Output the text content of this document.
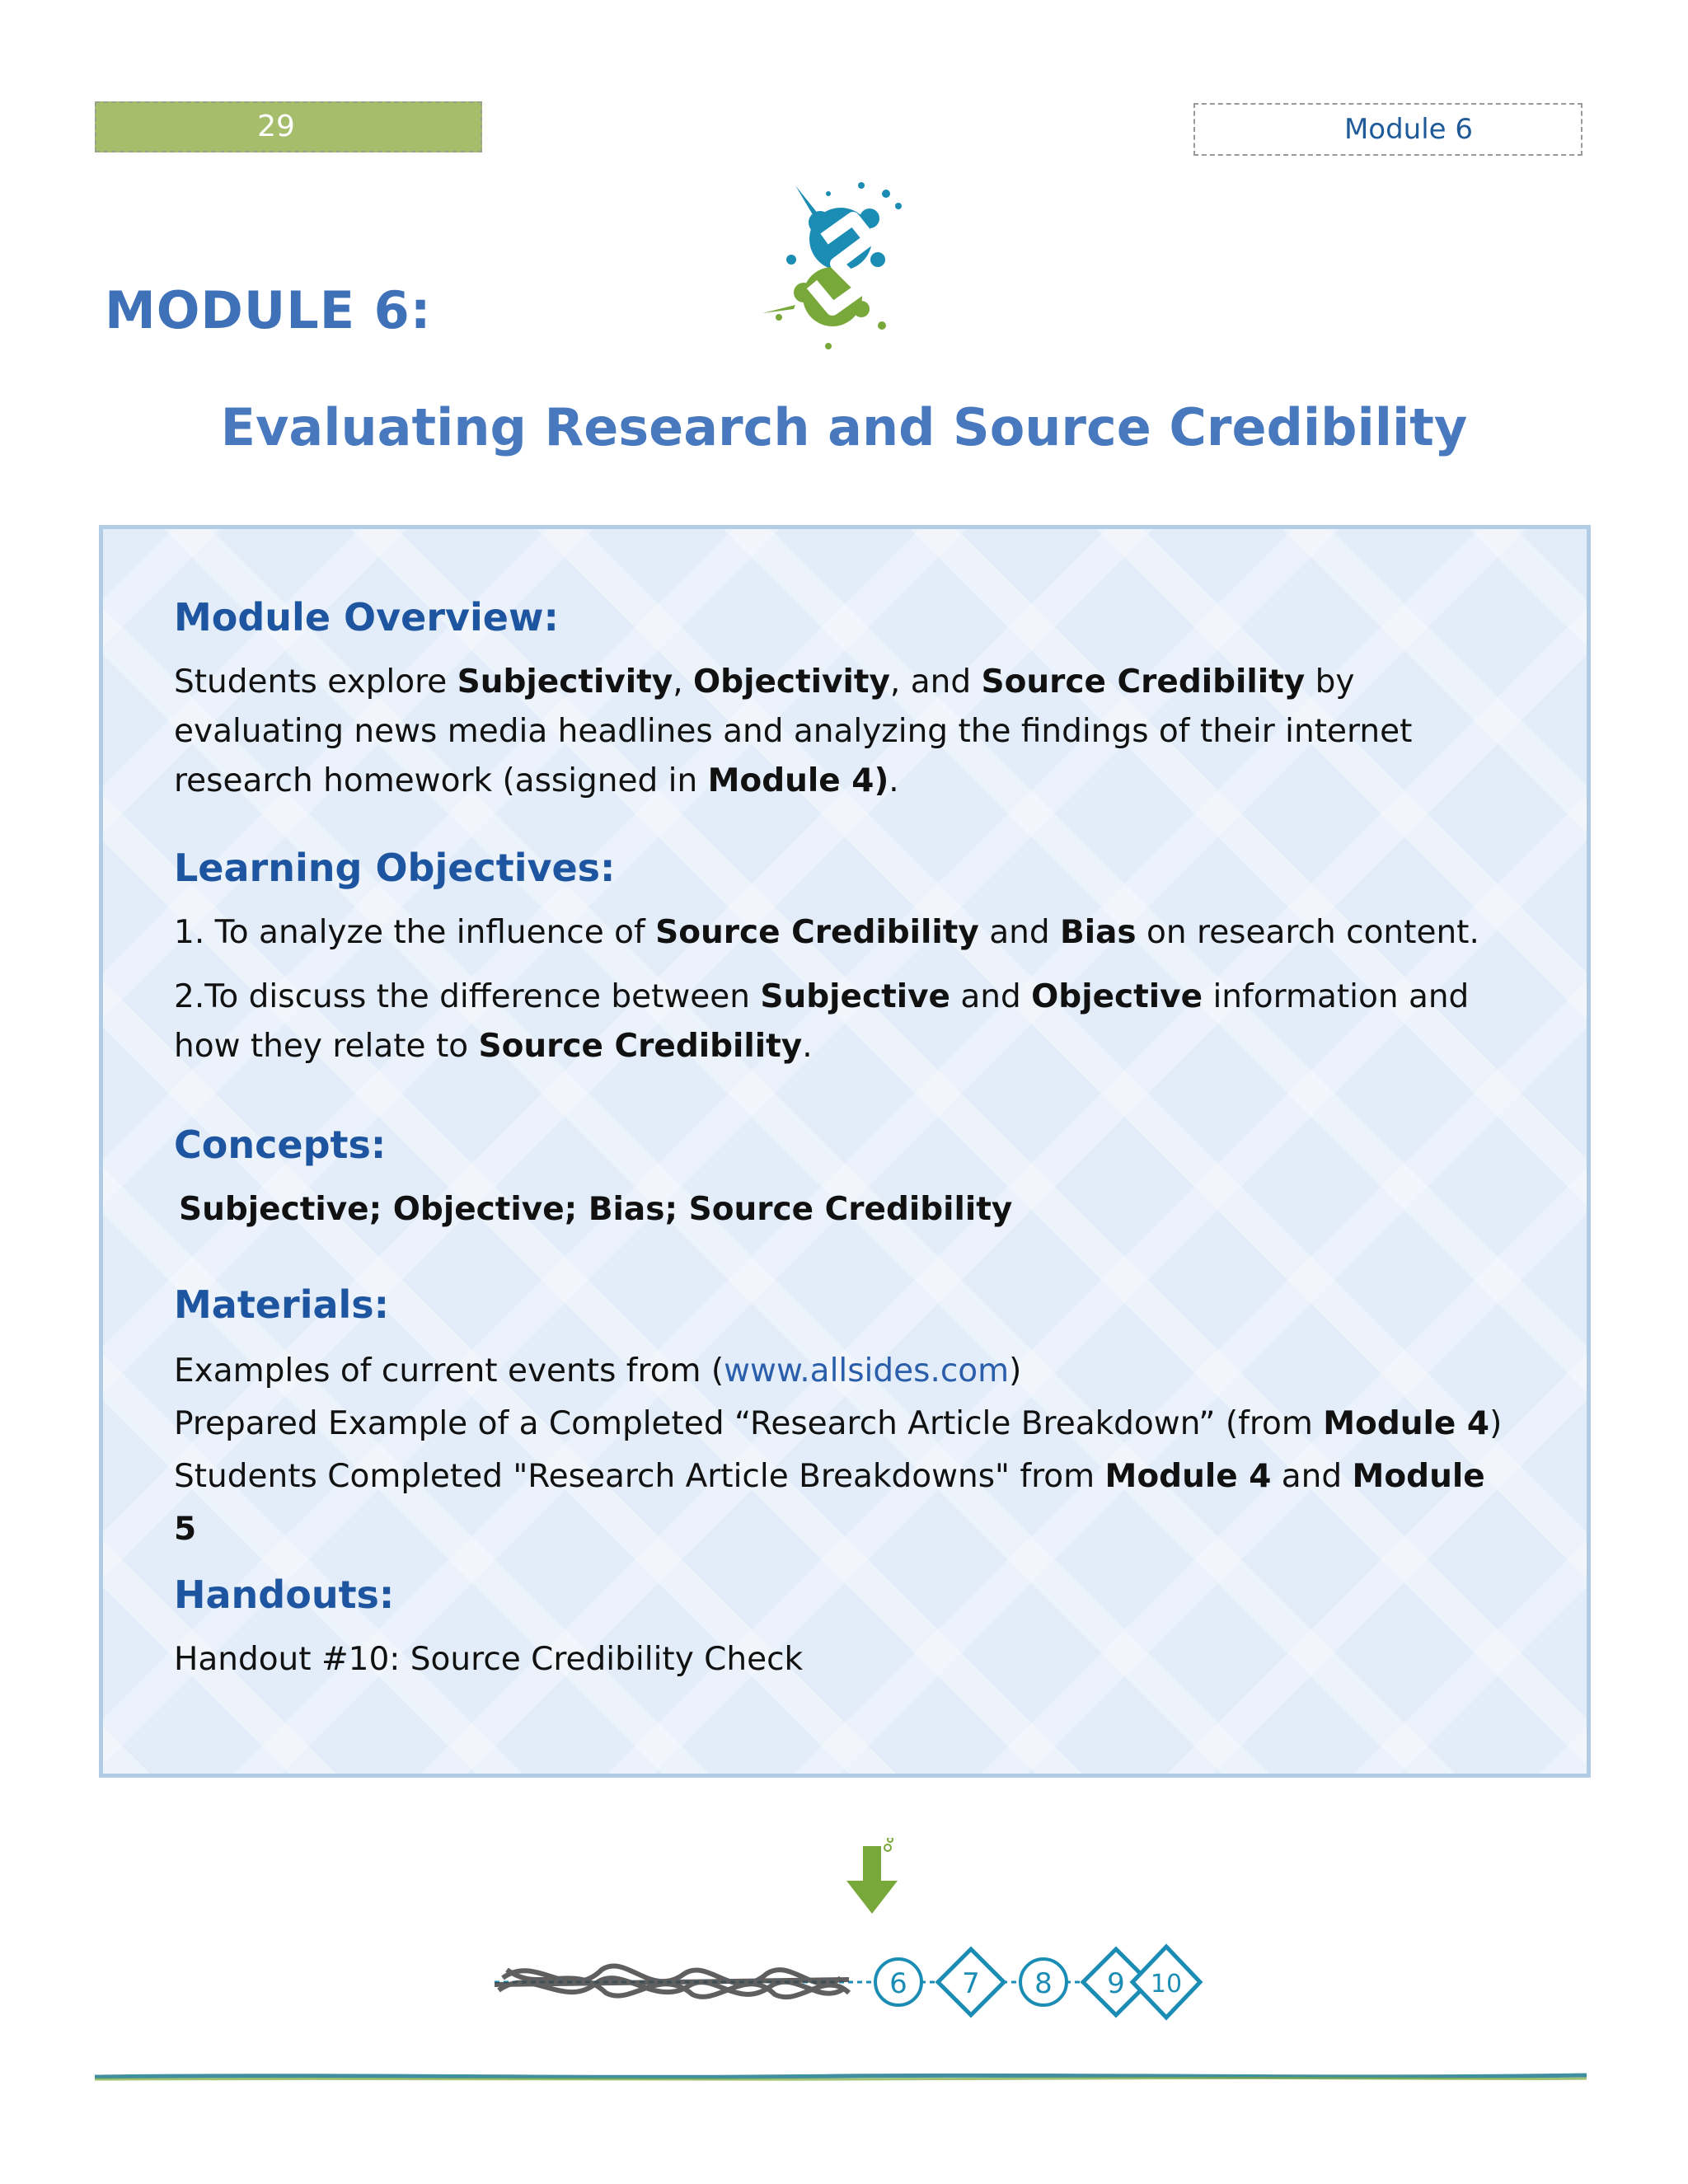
29	Module 6
MODULE 6:
Evaluating Research and Source Credibility
Module Overview:

Students explore Subjectivity, Objectivity, and Source Credibility by evaluating news media headlines and analyzing the findings of their internet research homework (assigned in Module 4).

Learning Objectives:

1. To analyze the influence of Source Credibility and Bias on research content.

2.To discuss the difference between Subjective and Objective information and how they relate to Source Credibility.

Concepts:

Subjective; Objective; Bias; Source Credibility

Materials:

Examples of current events from (www.allsides.com)

Prepared Example of a Completed “Research Article Breakdown” (from Module 4)

Students Completed "Research Article Breakdowns" from Module 4 and Module 5

Handouts:

Handout #10: Source Credibility Check

6 7 8 9 10
